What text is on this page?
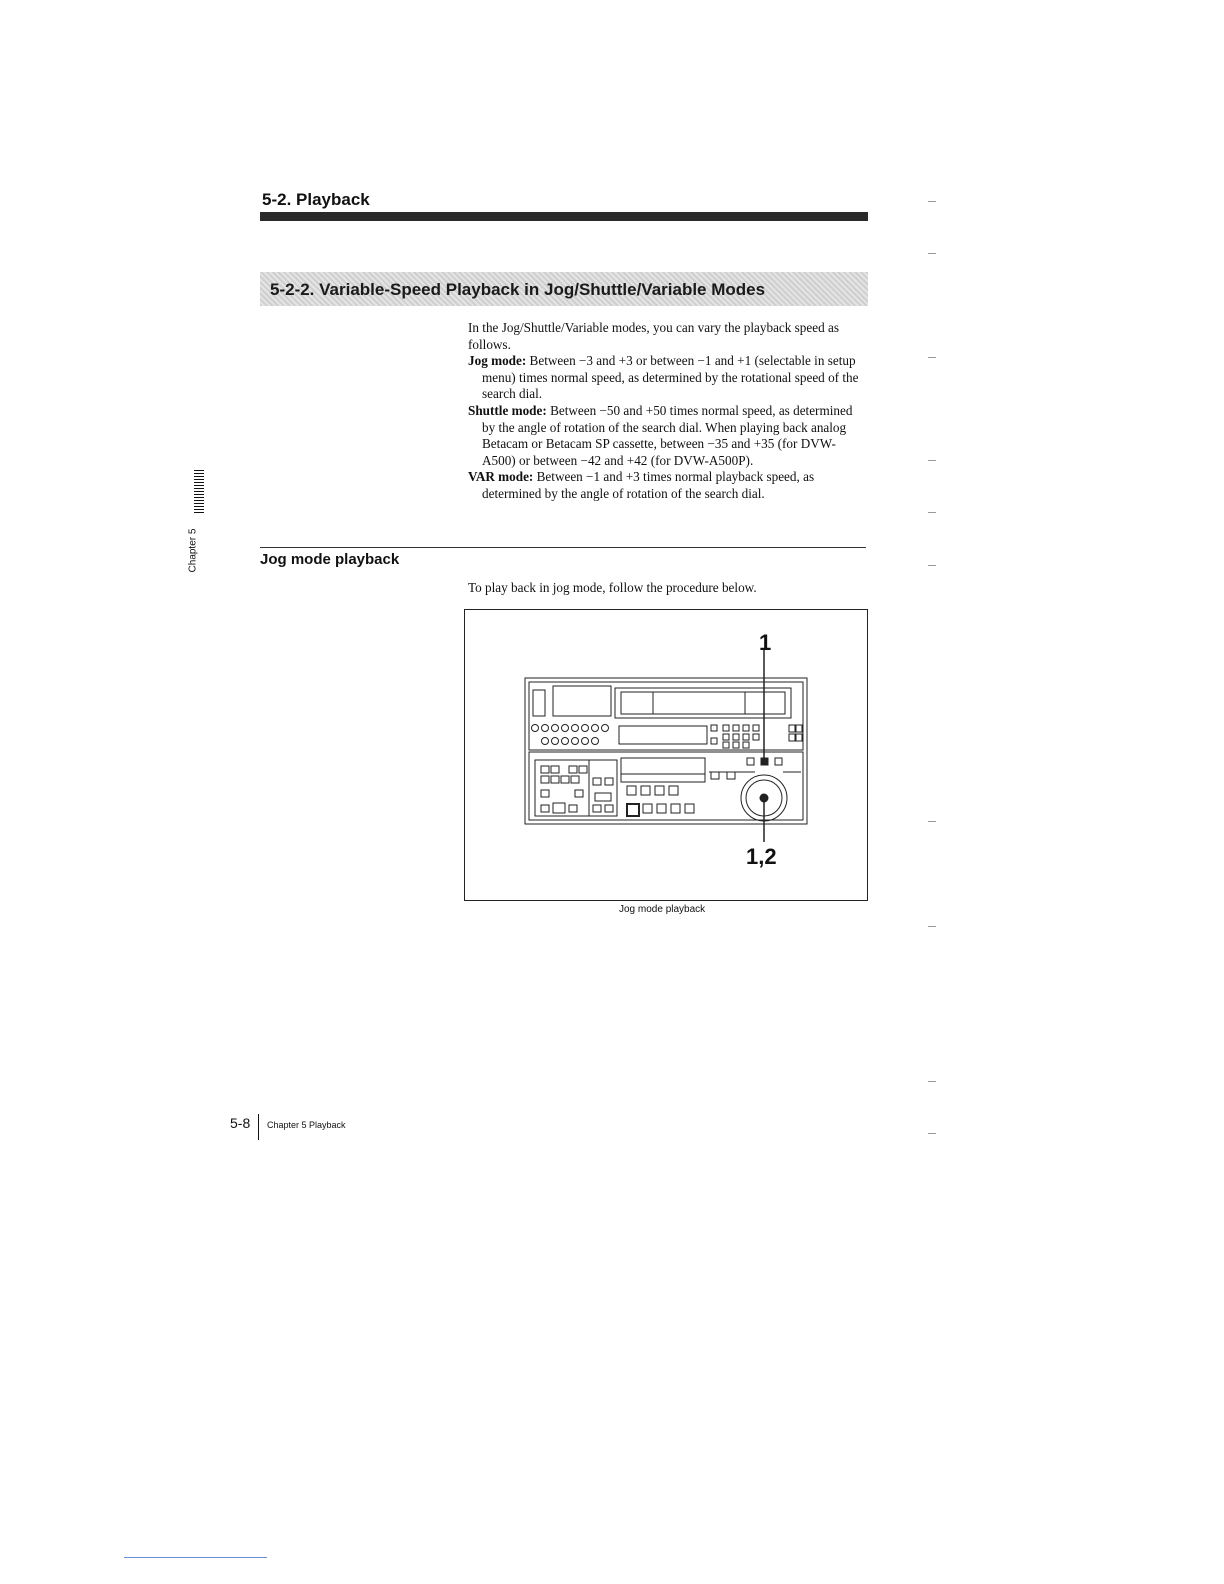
5-2. Playback
5-2-2. Variable-Speed Playback in Jog/Shuttle/Variable Modes

In the Jog/Shuttle/Variable modes, you can vary the playback speed as follows.

Jog mode: Between −3 and +3 or between −1 and +1 (selectable in setup menu) times normal speed, as determined by the rotational speed of the search dial.

Shuttle mode: Between −50 and +50 times normal speed, as determined by the angle of rotation of the search dial. When playing back analog Betacam or Betacam SP cassette, between −35 and +35 (for DVW-A500) or between −42 and +42 (for DVW-A500P).

VAR mode: Between −1 and +3 times normal playback speed, as determined by the angle of rotation of the search dial.

Jog mode playback
To play back in jog mode, follow the procedure below.
1
1,2
Jog mode playback
Chapter 5
5-8 Chapter 5 Playback
